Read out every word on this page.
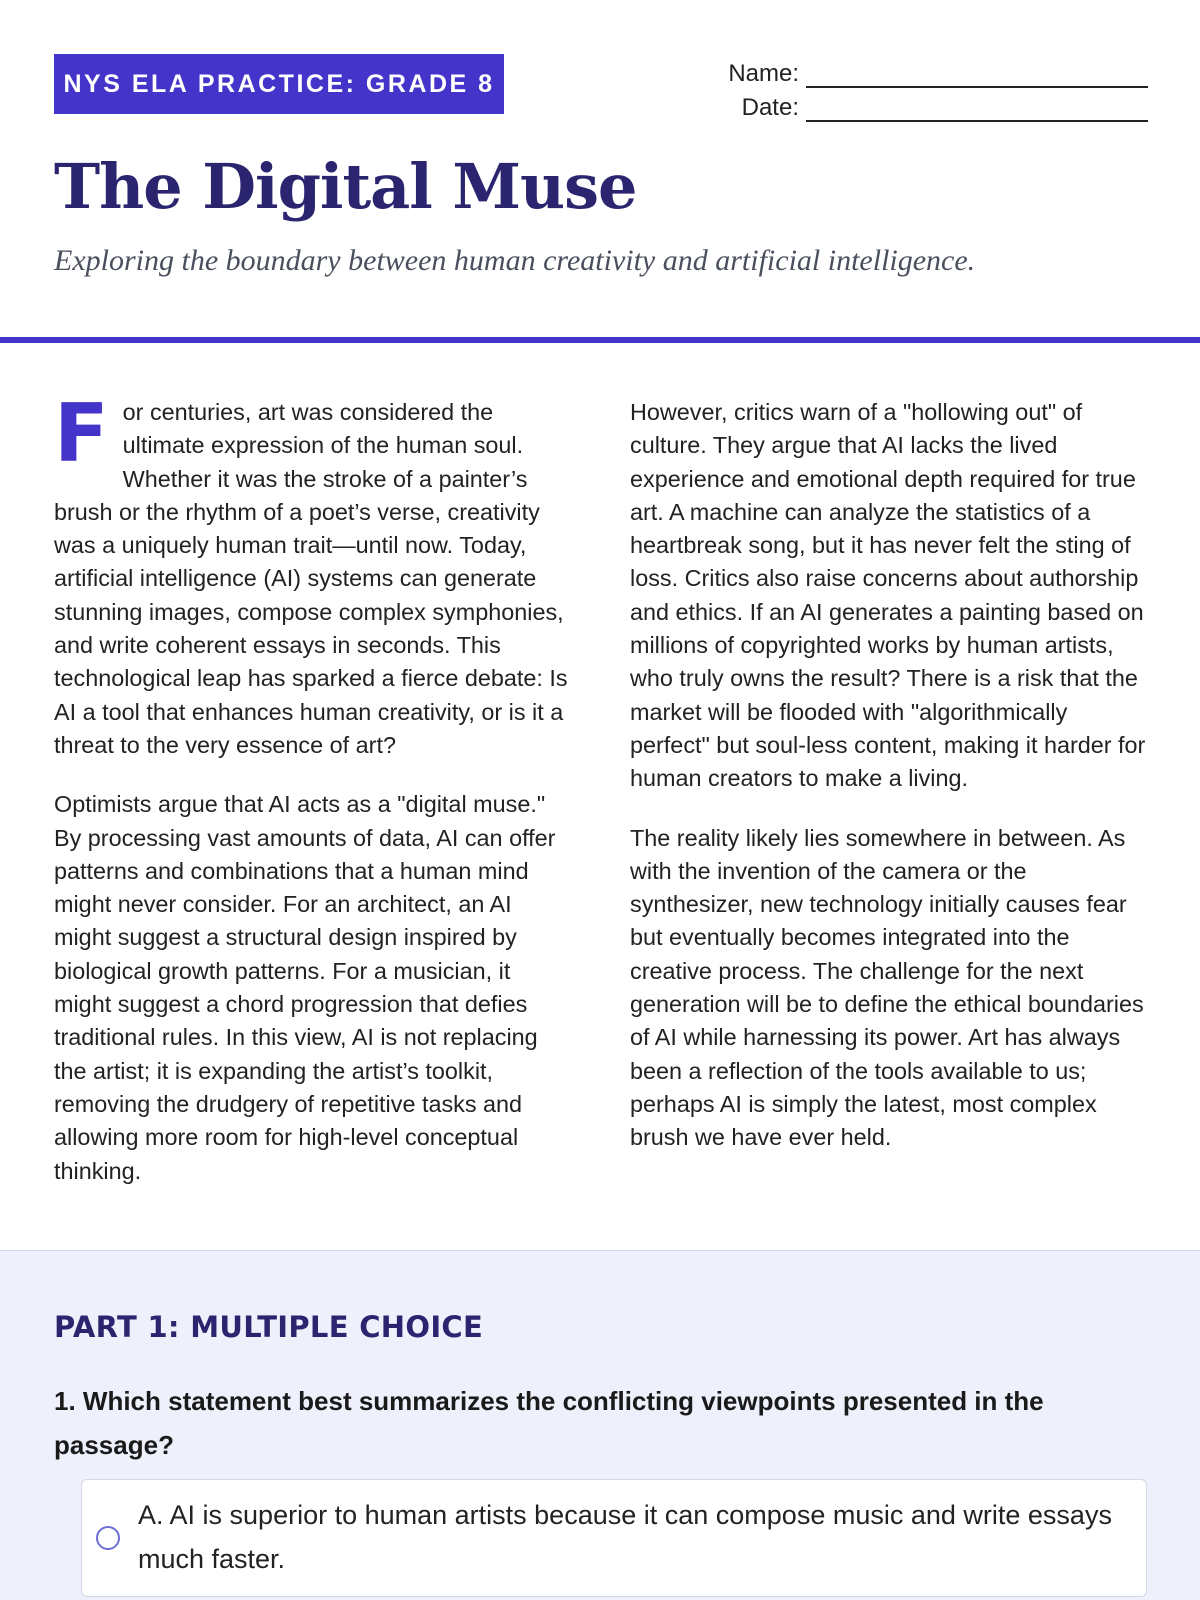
NYS ELA PRACTICE: GRADE 8	Name:
Date:
The Digital Muse
Exploring the boundary between human creativity and artificial intelligence.

F or centuries, art was considered the ultimate expression of the human soul. Whether it was the stroke of a painter’s brush or the rhythm of a poet’s verse, creativity was a uniquely human trait—until now. Today, artificial intelligence (AI) systems can generate stunning images, compose complex symphonies, and write coherent essays in seconds. This technological leap has sparked a fierce debate: Is AI a tool that enhances human creativity, or is it a threat to the very essence of art?

Optimists argue that AI acts as a "digital muse." By processing vast amounts of data, AI can offer patterns and combinations that a human mind might never consider. For an architect, an AI might suggest a structural design inspired by biological growth patterns. For a musician, it might suggest a chord progression that defies traditional rules. In this view, AI is not replacing the artist; it is expanding the artist’s toolkit, removing the drudgery of repetitive tasks and allowing more room for high-level conceptual thinking.

However, critics warn of a "hollowing out" of culture. They argue that AI lacks the lived experience and emotional depth required for true art. A machine can analyze the statistics of a heartbreak song, but it has never felt the sting of loss. Critics also raise concerns about authorship and ethics. If an AI generates a painting based on millions of copyrighted works by human artists, who truly owns the result? There is a risk that the market will be flooded with "algorithmically perfect" but soul-less content, making it harder for human creators to make a living.

The reality likely lies somewhere in between. As with the invention of the camera or the synthesizer, new technology initially causes fear but eventually becomes integrated into the creative process. The challenge for the next generation will be to define the ethical boundaries of AI while harnessing its power. Art has always been a reflection of the tools available to us; perhaps AI is simply the latest, most complex brush we have ever held.

PART 1: MULTIPLE CHOICE
1. Which statement best summarizes the conflicting viewpoints presented in the passage?
A. AI is superior to human artists because it can compose music and write essays much faster.
